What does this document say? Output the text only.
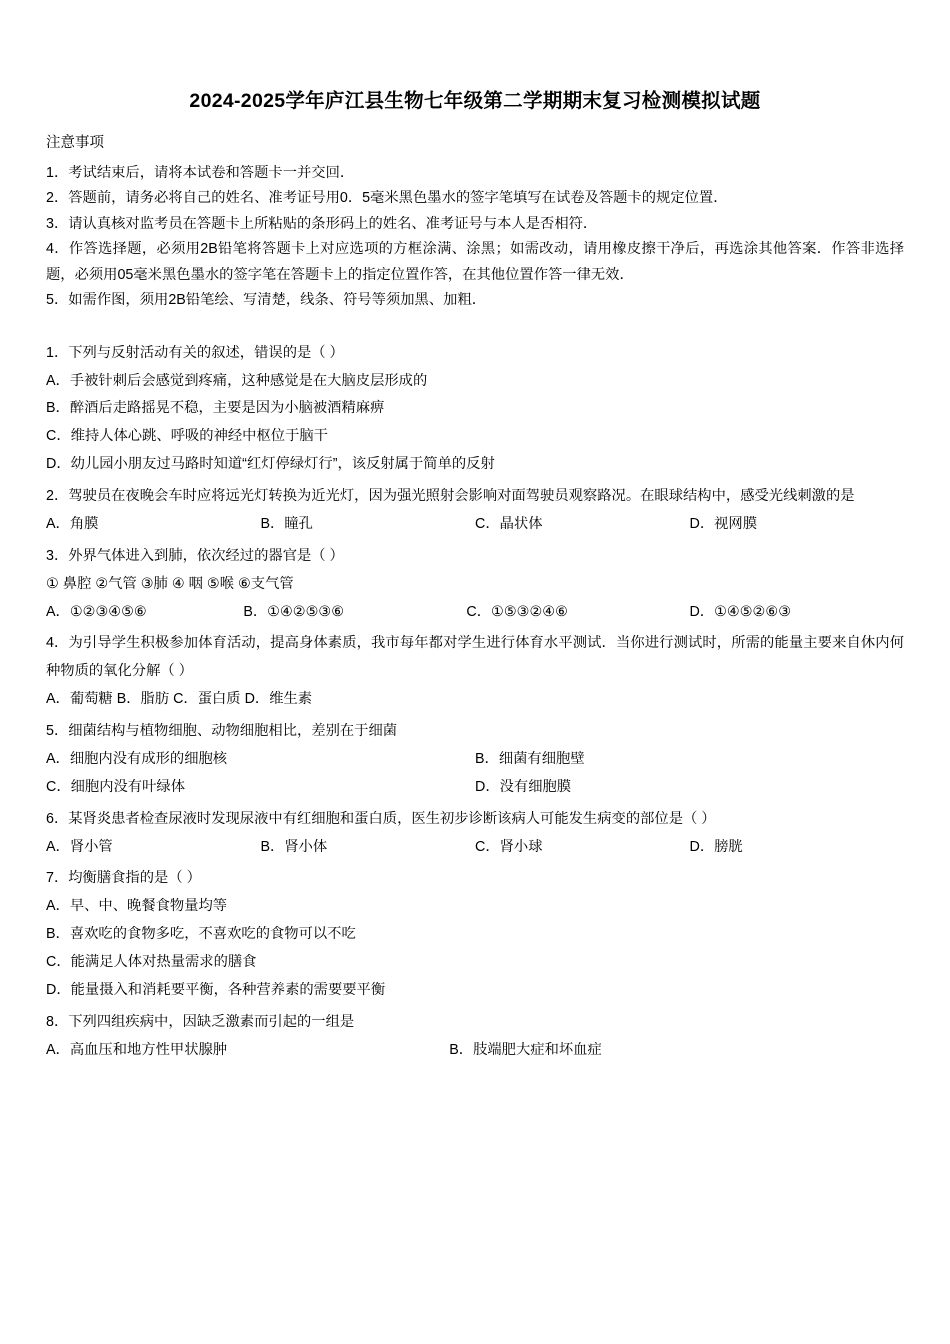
2024-2025学年庐江县生物七年级第二学期期末复习检测模拟试题
注意事项
1．考试结束后，请将本试卷和答题卡一并交回．
2．答题前，请务必将自己的姓名、准考证号用0．5毫米黑色墨水的签字笔填写在试卷及答题卡的规定位置．
3．请认真核对监考员在答题卡上所粘贴的条形码上的姓名、准考证号与本人是否相符．
4．作答选择题，必须用2B铅笔将答题卡上对应选项的方框涂满、涂黑；如需改动，请用橡皮擦干净后，再选涂其他答案．作答非选择题，必须用05毫米黑色墨水的签字笔在答题卡上的指定位置作答，在其他位置作答一律无效．
5．如需作图，须用2B铅笔绘、写清楚，线条、符号等须加黑、加粗．
1．下列与反射活动有关的叙述，错误的是（ ）
A．手被针刺后会感觉到疼痛，这种感觉是在大脑皮层形成的
B．醉酒后走路摇晃不稳，主要是因为小脑被酒精麻痹
C．维持人体心跳、呼吸的神经中枢位于脑干
D．幼儿园小朋友过马路时知道“红灯停绿灯行”，该反射属于简单的反射
2．驾驶员在夜晚会车时应将远光灯转换为近光灯，因为强光照射会影响对面驾驶员观察路况。在眼球结构中，感受光线刺激的是
A．角膜	B．瞳孔	C．晶状体	D．视网膜
3．外界气体进入到肺，依次经过的器官是（ ）
① 鼻腔 ②气管 ③肺 ④ 咽 ⑤喉 ⑥支气管
A．①②③④⑤⑥	B．①④②⑤③⑥	C．①⑤③②④⑥	D．①④⑤②⑥③
4．为引导学生积极参加体育活动，提高身体素质，我市每年都对学生进行体育水平测试．当你进行测试时，所需的能量主要来自休内何种物质的氧化分解（ ）
A．葡萄糖 B．脂肪 C．蛋白质 D．维生素
5．细菌结构与植物细胞、动物细胞相比，差别在于细菌
A．细胞内没有成形的细胞核	B．细菌有细胞壁
C．细胞内没有叶绿体	D．没有细胞膜
6．某肾炎患者检查尿液时发现尿液中有红细胞和蛋白质，医生初步诊断该病人可能发生病变的部位是（ ）
A．肾小管	B．肾小体	C．肾小球	D．膀胱
7．均衡膳食指的是（ ）
A．早、中、晚餐食物量均等
B．喜欢吃的食物多吃，不喜欢吃的食物可以不吃
C．能满足人体对热量需求的膳食
D．能量摄入和消耗要平衡，各种营养素的需要要平衡
8．下列四组疾病中，因缺乏激素而引起的一组是
A．高血压和地方性甲状腺肿	B．肢端肥大症和坏血症
